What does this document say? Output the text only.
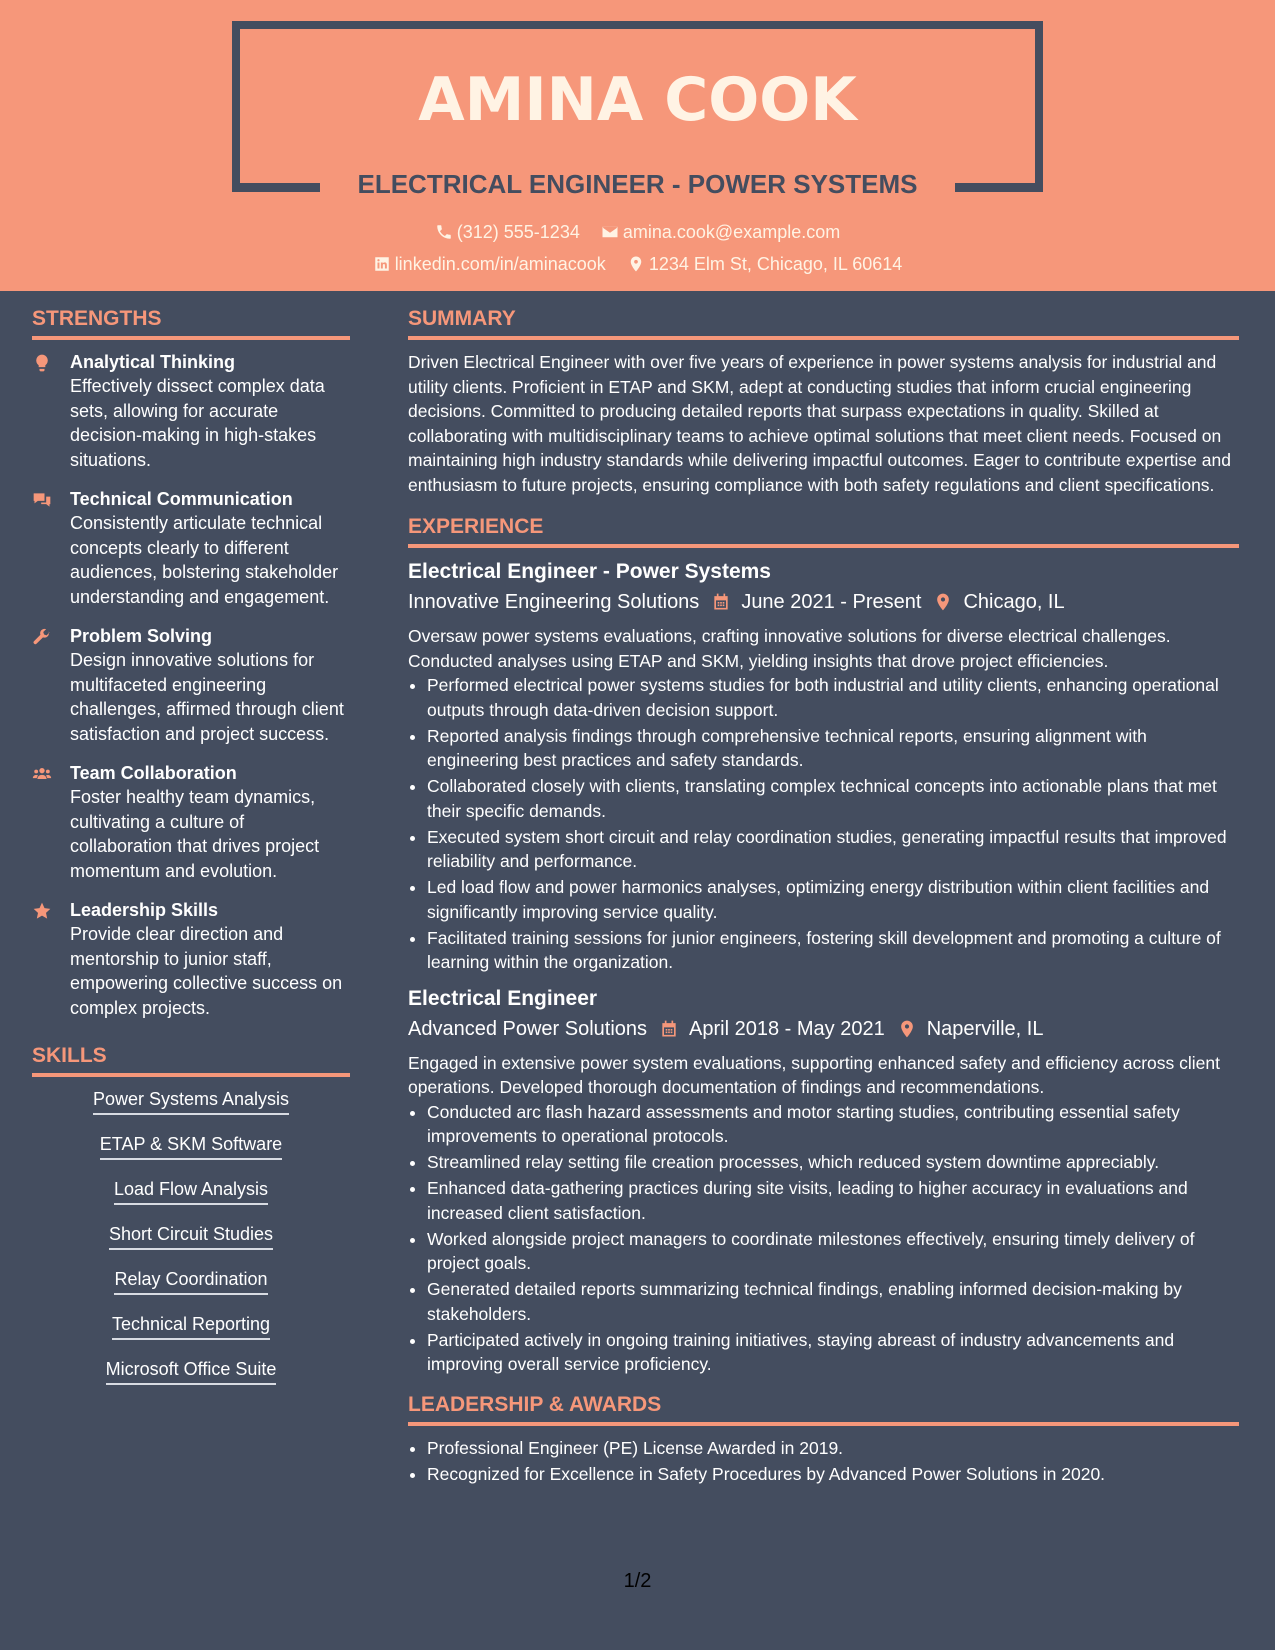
AMINA COOK
ELECTRICAL ENGINEER - POWER SYSTEMS
(312) 555-1234
amina.cook@example.com
linkedin.com/in/aminacook
1234 Elm St, Chicago, IL 60614
STRENGTHS
Analytical Thinking
Effectively dissect complex data sets, allowing for accurate decision-making in high-stakes situations.
Technical Communication
Consistently articulate technical concepts clearly to different audiences, bolstering stakeholder understanding and engagement.
Problem Solving
Design innovative solutions for multifaceted engineering challenges, affirmed through client satisfaction and project success.
Team Collaboration
Foster healthy team dynamics, cultivating a culture of collaboration that drives project momentum and evolution.
Leadership Skills
Provide clear direction and mentorship to junior staff, empowering collective success on complex projects.
SKILLS
Power Systems Analysis
ETAP & SKM Software
Load Flow Analysis
Short Circuit Studies
Relay Coordination
Technical Reporting
Microsoft Office Suite
SUMMARY
Driven Electrical Engineer with over five years of experience in power systems analysis for industrial and utility clients. Proficient in ETAP and SKM, adept at conducting studies that inform crucial engineering decisions. Committed to producing detailed reports that surpass expectations in quality. Skilled at collaborating with multidisciplinary teams to achieve optimal solutions that meet client needs. Focused on maintaining high industry standards while delivering impactful outcomes. Eager to contribute expertise and enthusiasm to future projects, ensuring compliance with both safety regulations and client specifications.
EXPERIENCE
Electrical Engineer - Power Systems
Innovative Engineering Solutions June 2021 - Present Chicago, IL
Oversaw power systems evaluations, crafting innovative solutions for diverse electrical challenges. Conducted analyses using ETAP and SKM, yielding insights that drove project efficiencies.
• Performed electrical power systems studies for both industrial and utility clients, enhancing operational outputs through data-driven decision support.
• Reported analysis findings through comprehensive technical reports, ensuring alignment with engineering best practices and safety standards.
• Collaborated closely with clients, translating complex technical concepts into actionable plans that met their specific demands.
• Executed system short circuit and relay coordination studies, generating impactful results that improved reliability and performance.
• Led load flow and power harmonics analyses, optimizing energy distribution within client facilities and significantly improving service quality.
• Facilitated training sessions for junior engineers, fostering skill development and promoting a culture of learning within the organization.
Electrical Engineer
Advanced Power Solutions April 2018 - May 2021 Naperville, IL
Engaged in extensive power system evaluations, supporting enhanced safety and efficiency across client operations. Developed thorough documentation of findings and recommendations.
• Conducted arc flash hazard assessments and motor starting studies, contributing essential safety improvements to operational protocols.
• Streamlined relay setting file creation processes, which reduced system downtime appreciably.
• Enhanced data-gathering practices during site visits, leading to higher accuracy in evaluations and increased client satisfaction.
• Worked alongside project managers to coordinate milestones effectively, ensuring timely delivery of project goals.
• Generated detailed reports summarizing technical findings, enabling informed decision-making by stakeholders.
• Participated actively in ongoing training initiatives, staying abreast of industry advancements and improving overall service proficiency.
LEADERSHIP & AWARDS
• Professional Engineer (PE) License Awarded in 2019.
• Recognized for Excellence in Safety Procedures by Advanced Power Solutions in 2020.
1/2
